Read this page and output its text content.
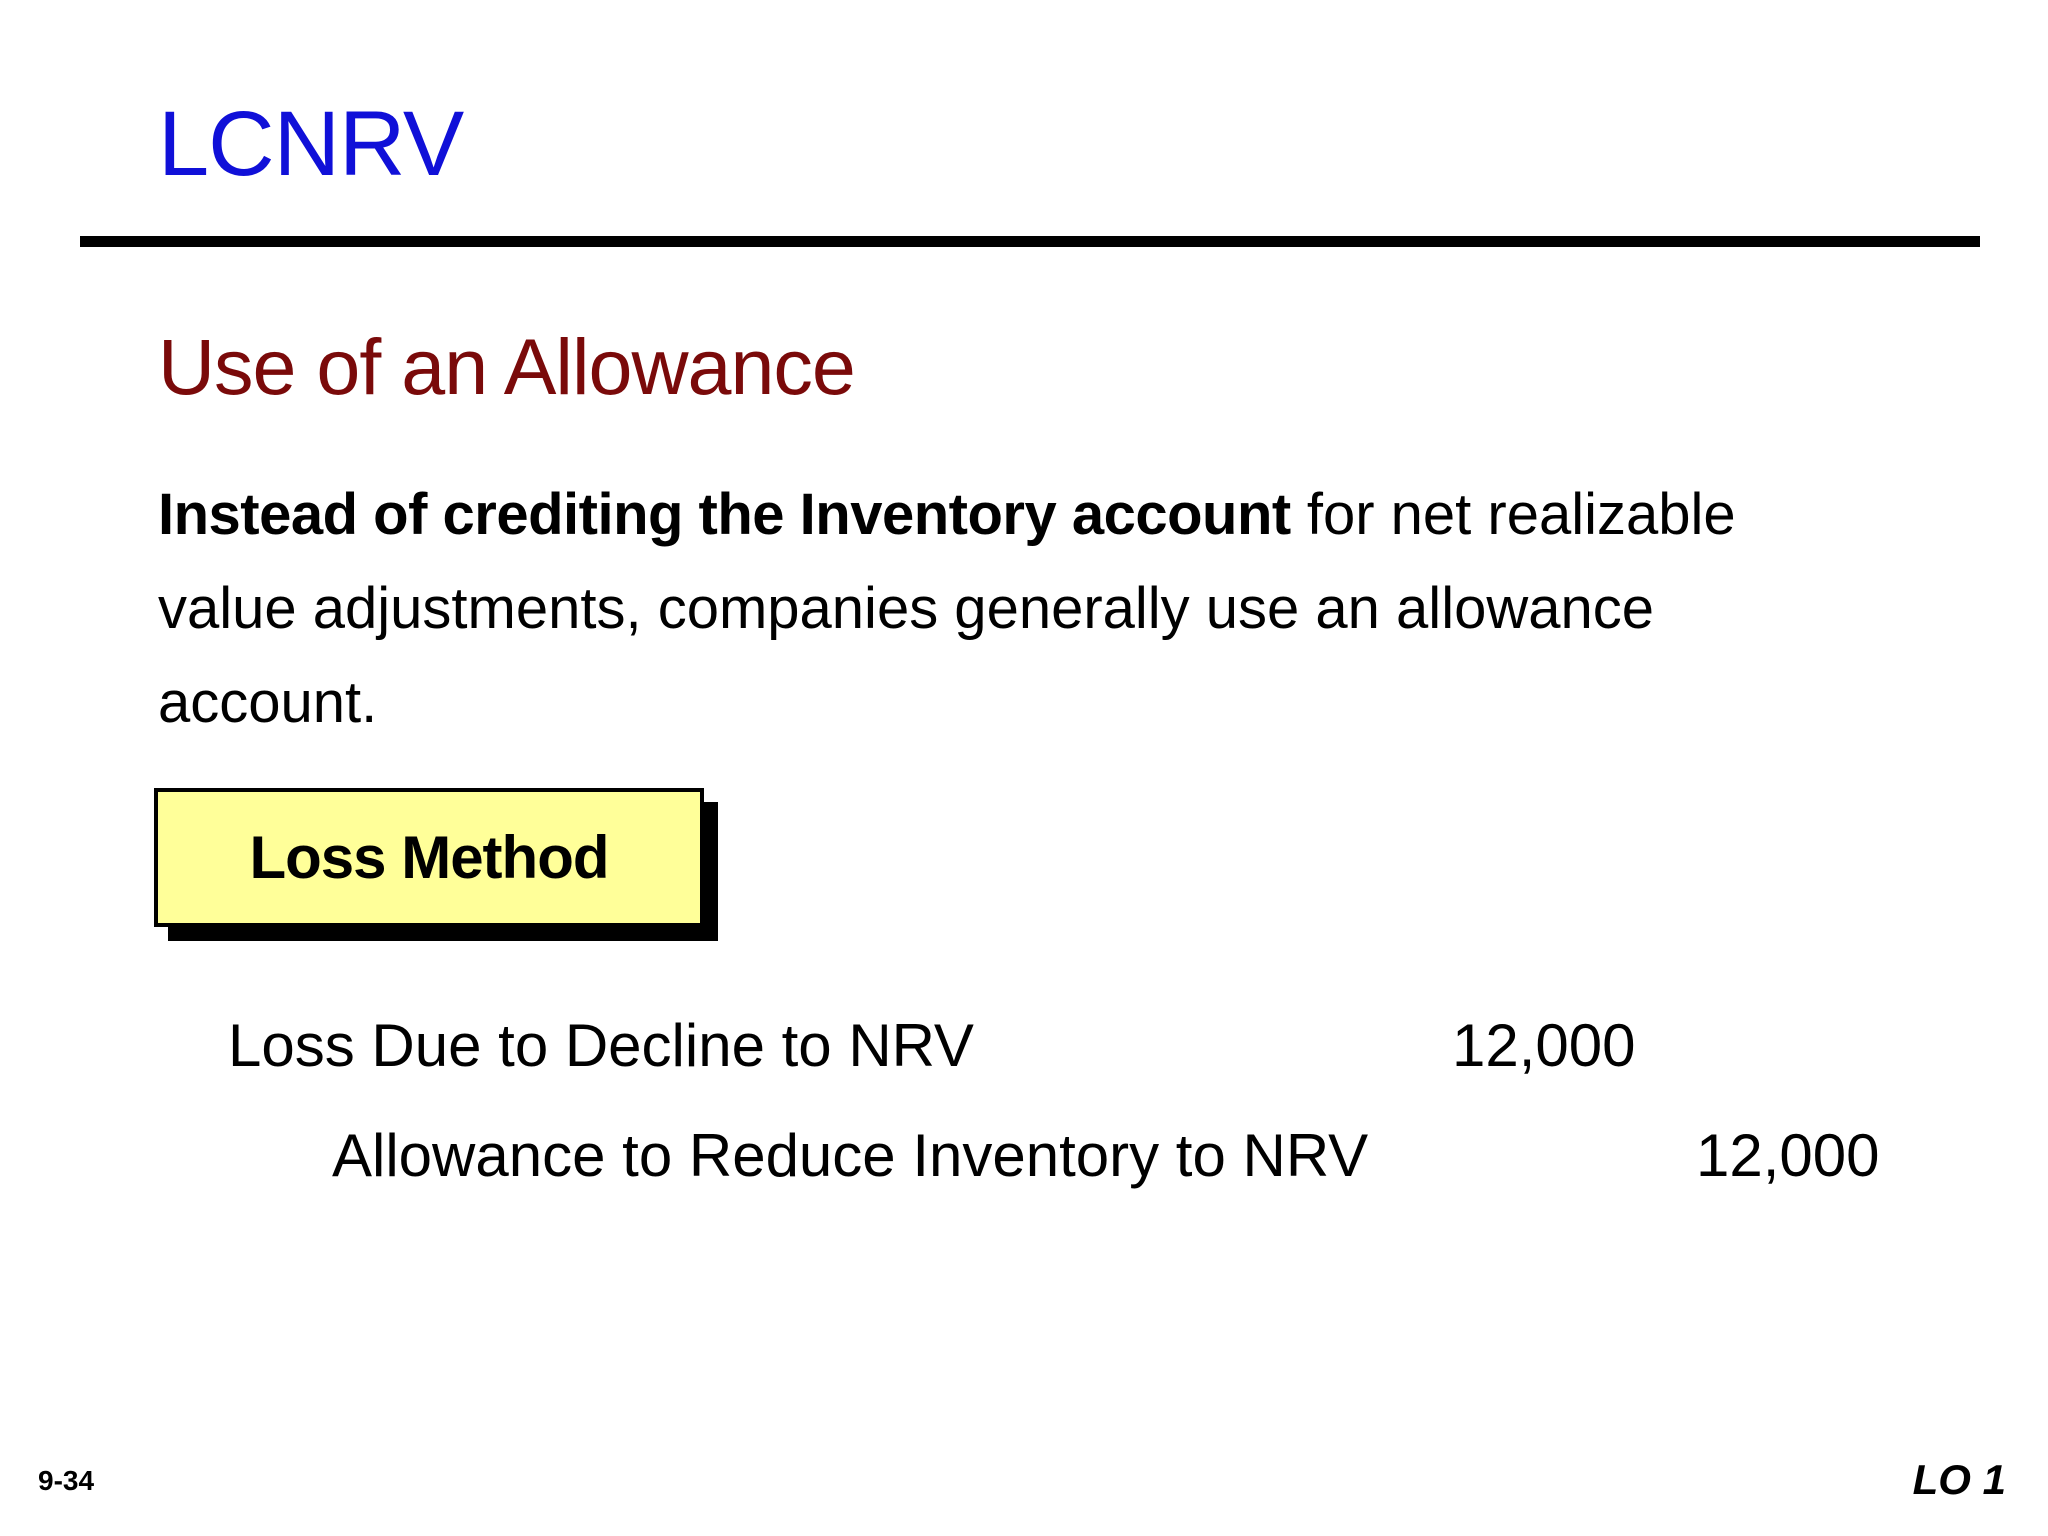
LCNRV
Use of an Allowance

Instead of crediting the Inventory account for net realizable value adjustments, companies generally use an allowance account.

Loss Method
Loss Due to Decline to NRV	12,000
Allowance to Reduce Inventory to NRV	12,000
9-34	LO 1
